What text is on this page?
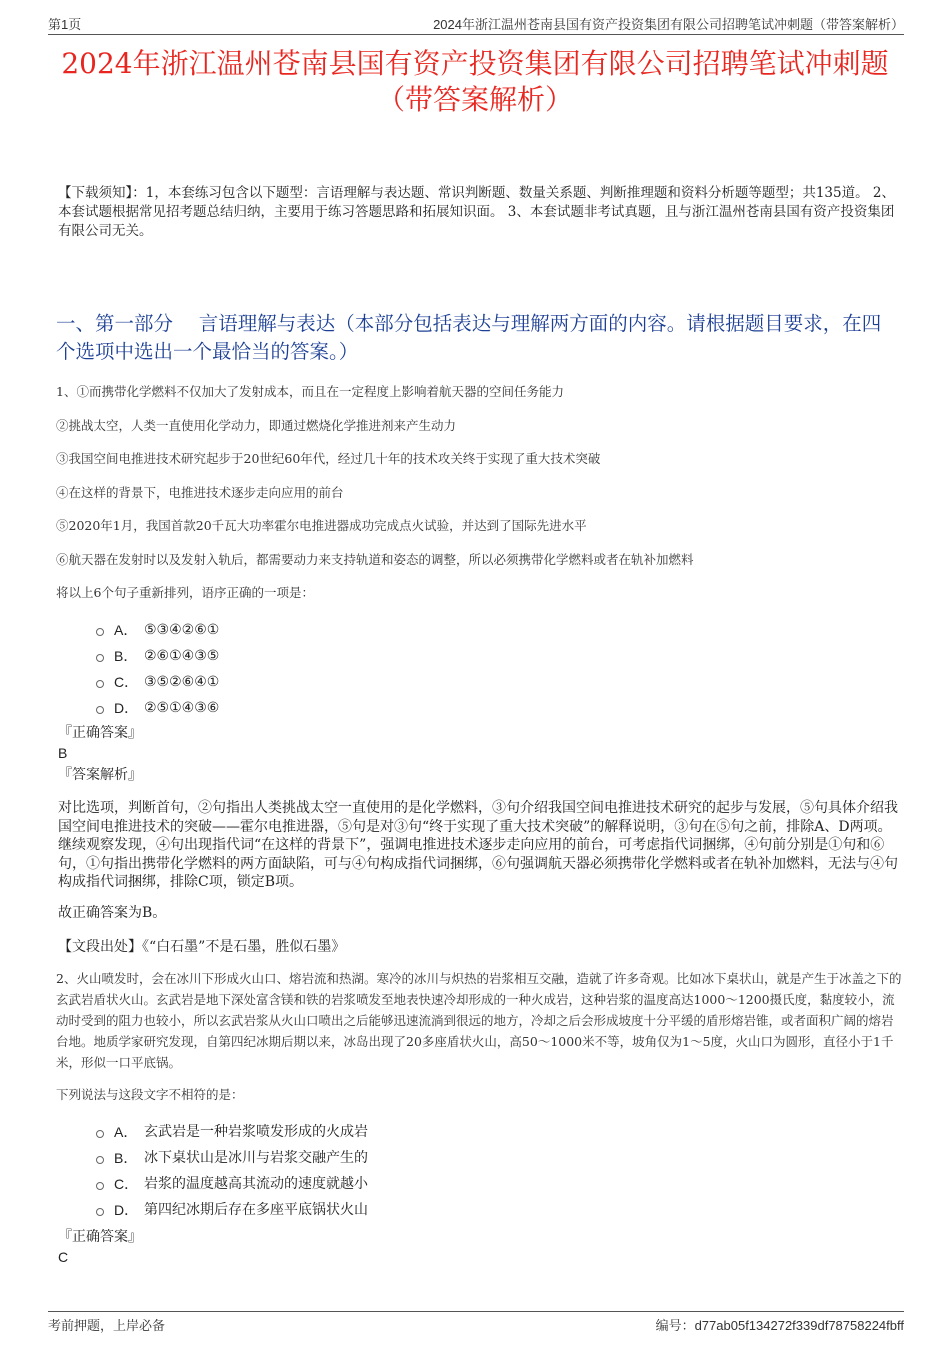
第1页	2024年浙江温州苍南县国有资产投资集团有限公司招聘笔试冲刺题（带答案解析）
2024年浙江温州苍南县国有资产投资集团有限公司招聘笔试冲刺题（带答案解析）
【下载须知】：1，本套练习包含以下题型：言语理解与表达题、常识判断题、数量关系题、判断推理题和资料分析题等题型；共135道。 2、本套试题根据常见招考题总结归纳，主要用于练习答题思路和拓展知识面。 3、本套试题非考试真题，且与浙江温州苍南县国有资产投资集团有限公司无关。
一、第一部分　 言语理解与表达（本部分包括表达与理解两方面的内容。请根据题目要求，在四个选项中选出一个最恰当的答案。）
1、①而携带化学燃料不仅加大了发射成本，而且在一定程度上影响着航天器的空间任务能力
②挑战太空，人类一直使用化学动力，即通过燃烧化学推进剂来产生动力
③我国空间电推进技术研究起步于20世纪60年代，经过几十年的技术攻关终于实现了重大技术突破
④在这样的背景下，电推进技术逐步走向应用的前台
⑤2020年1月，我国首款20千瓦大功率霍尔电推进器成功完成点火试验，并达到了国际先进水平
⑥航天器在发射时以及发射入轨后，都需要动力来支持轨道和姿态的调整，所以必须携带化学燃料或者在轨补加燃料
将以上6个句子重新排列，语序正确的一项是：
A． ⑤③④②⑥①
B． ②⑥①④③⑤
C． ③⑤②⑥④①
D． ②⑤①④③⑥
『正确答案』
B
『答案解析』
对比选项，判断首句，②句指出人类挑战太空一直使用的是化学燃料，③句介绍我国空间电推进技术研究的起步与发展，⑤句具体介绍我国空间电推进技术的突破——霍尔电推进器，⑤句是对③句“终于实现了重大技术突破”的解释说明，③句在⑤句之前，排除A、D两项。继续观察发现，④句出现指代词“在这样的背景下”，强调电推进技术逐步走向应用的前台，可考虑指代词捆绑，④句前分别是①句和⑥句，①句指出携带化学燃料的两方面缺陷，可与④句构成指代词捆绑，⑥句强调航天器必须携带化学燃料或者在轨补加燃料，无法与④句构成指代词捆绑，排除C项，锁定B项。
故正确答案为B。
【文段出处】《“白石墨”不是石墨，胜似石墨》
2、火山喷发时，会在冰川下形成火山口、熔岩流和热湖。寒冷的冰川与炽热的岩浆相互交融，造就了许多奇观。比如冰下桌状山，就是产生于冰盖之下的玄武岩盾状火山。玄武岩是地下深处富含镁和铁的岩浆喷发至地表快速冷却形成的一种火成岩，这种岩浆的温度高达1000～1200摄氏度，黏度较小，流动时受到的阻力也较小，所以玄武岩浆从火山口喷出之后能够迅速流淌到很远的地方，冷却之后会形成坡度十分平缓的盾形熔岩锥，或者面积广阔的熔岩台地。地质学家研究发现，自第四纪冰期后期以来，冰岛出现了20多座盾状火山，高50～1000米不等，坡角仅为1～5度，火山口为圆形，直径小于1千米，形似一口平底锅。
下列说法与这段文字不相符的是：
A． 玄武岩是一种岩浆喷发形成的火成岩
B． 冰下桌状山是冰川与岩浆交融产生的
C． 岩浆的温度越高其流动的速度就越小
D． 第四纪冰期后存在多座平底锅状火山
『正确答案』
C
考前押题，上岸必备	编号：d77ab05f134272f339df78758224fbff
